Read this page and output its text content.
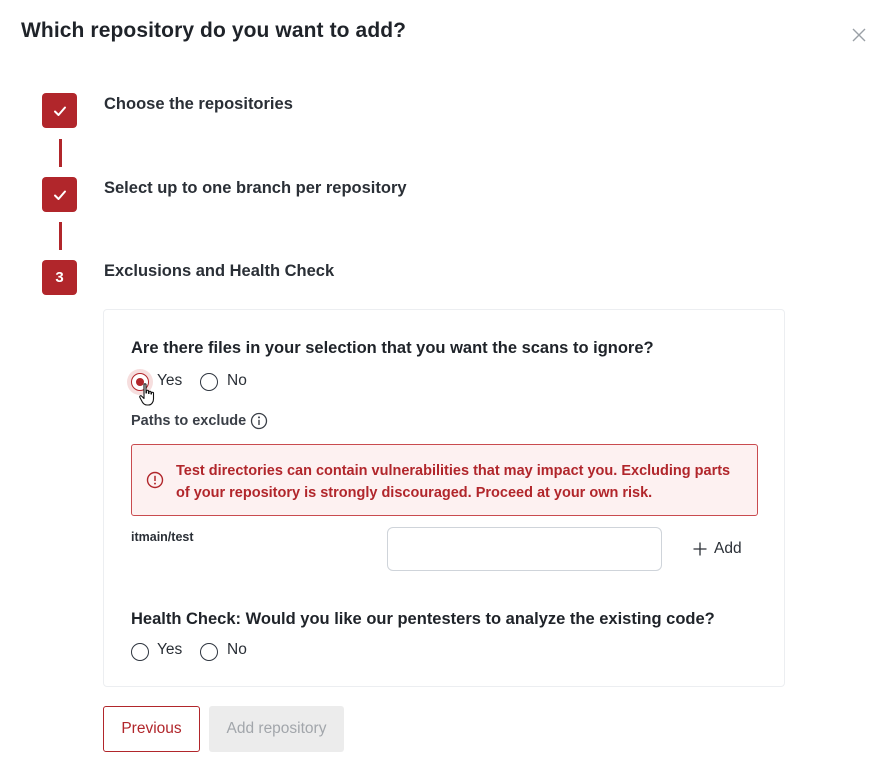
Which repository do you want to add?
Choose the repositories
Select up to one branch per repository
3	Exclusions and Health Check
Are there files in your selection that you want the scans to ignore?
Yes	No
Paths to exclude
Test directories can contain vulnerabilities that may impact you. Excluding parts of your repository is strongly discouraged. Proceed at your own risk.
itmain/test
Add
Health Check: Would you like our pentesters to analyze the existing code?
Yes	No
Previous	Add repository
